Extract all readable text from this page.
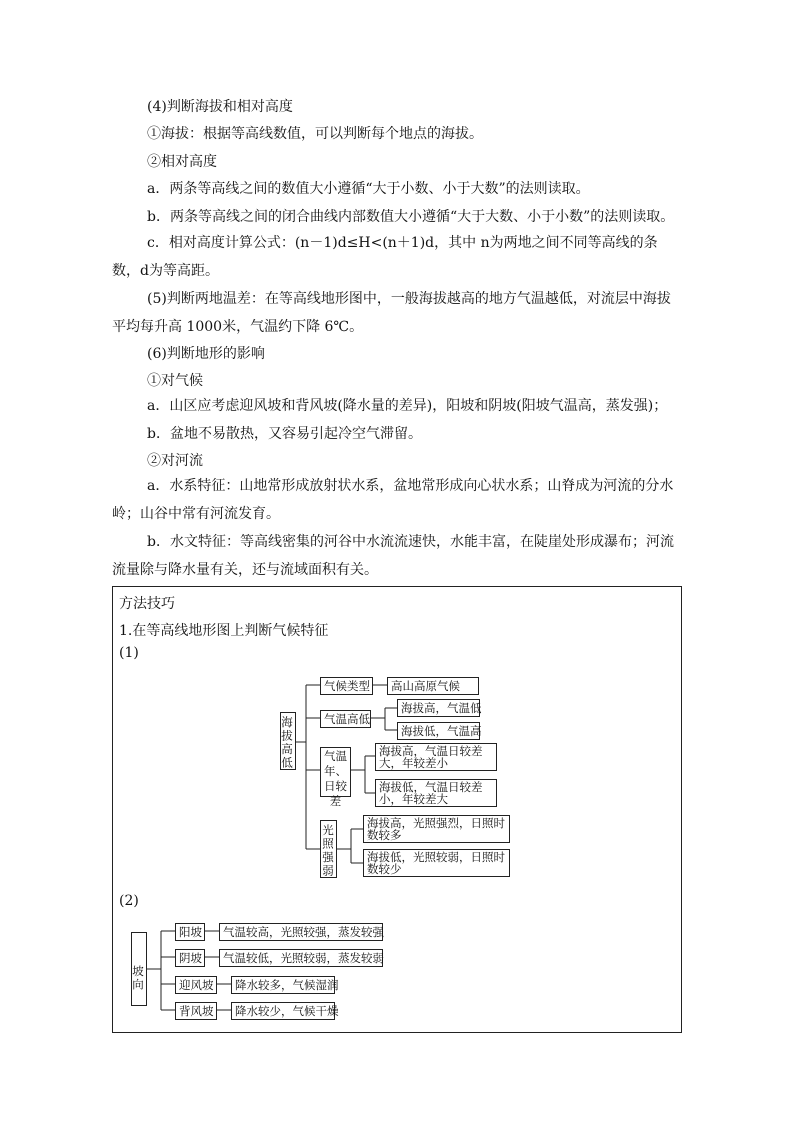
(4)判断海拔和相对高度
①海拔：根据等高线数值，可以判断每个地点的海拔。
②相对高度
a．两条等高线之间的数值大小遵循“大于小数、小于大数”的法则读取。
b．两条等高线之间的闭合曲线内部数值大小遵循“大于大数、小于小数”的法则读取。
c．相对高度计算公式：(n－1)d≤H<(n＋1)d，其中 n为两地之间不同等高线的条数，d为等高距。
(5)判断两地温差：在等高线地形图中，一般海拔越高的地方气温越低，对流层中海拔平均每升高 1000米，气温约下降 6℃。
(6)判断地形的影响
①对气候
a．山区应考虑迎风坡和背风坡(降水量的差异)，阳坡和阴坡(阳坡气温高，蒸发强)；
b．盆地不易散热，又容易引起冷空气滞留。
②对河流
a．水系特征：山地常形成放射状水系，盆地常形成向心状水系；山脊成为河流的分水岭；山谷中常有河流发育。
b．水文特征：等高线密集的河谷中水流流速快，水能丰富，在陡崖处形成瀑布；河流流量除与降水量有关，还与流域面积有关。
方法技巧
1.在等高线地形图上判断气候特征
(1)
(2)
海拔高低
气候类型	高山高原气候
气温高低
海拔高，气温低
海拔低，气温高
气温年、日较差
海拔高，气温日较差大，年较差小
海拔低，气温日较差小，年较差大
光照强弱
海拔高，光照强烈，日照时数较多
海拔低，光照较弱，日照时数较少
坡向
阳坡	气温较高，光照较强，蒸发较强
阴坡	气温较低，光照较弱，蒸发较弱
迎风坡	降水较多，气候湿润
背风坡	降水较少，气候干燥
